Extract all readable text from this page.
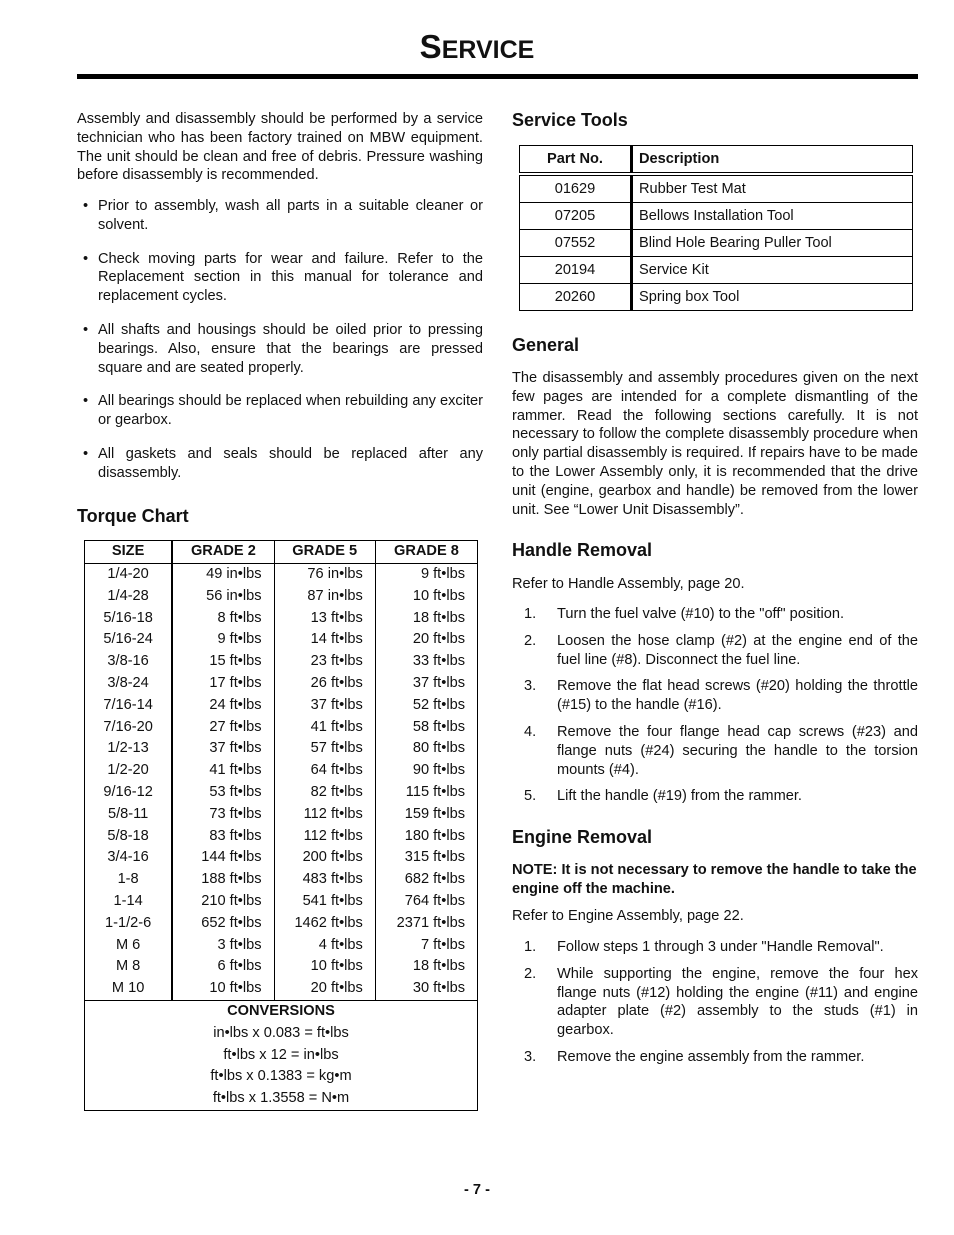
SERVICE

Assembly and disassembly should be performed by a service technician who has been factory trained on MBW equipment. The unit should be clean and free of debris. Pressure washing before disassembly is recommended.

• Prior to assembly, wash all parts in a suitable cleaner or solvent.
• Check moving parts for wear and failure. Refer to the Replacement section in this manual for tolerance and replacement cycles.
• All shafts and housings should be oiled prior to pressing bearings. Also, ensure that the bearings are pressed square and are seated properly.
• All bearings should be replaced when rebuilding any exciter or gearbox.
• All gaskets and seals should be replaced after any disassembly.
Torque Chart
SIZE	GRADE 2	GRADE 5	GRADE 8
1/4-20	49 in•lbs	76 in•lbs	9 ft•lbs
1/4-28	56 in•lbs	87 in•lbs	10 ft•lbs
5/16-18	8 ft•lbs	13 ft•lbs	18 ft•lbs
5/16-24	9 ft•lbs	14 ft•lbs	20 ft•lbs
3/8-16	15 ft•lbs	23 ft•lbs	33 ft•lbs
3/8-24	17 ft•lbs	26 ft•lbs	37 ft•lbs
7/16-14	24 ft•lbs	37 ft•lbs	52 ft•lbs
7/16-20	27 ft•lbs	41 ft•lbs	58 ft•lbs
1/2-13	37 ft•lbs	57 ft•lbs	80 ft•lbs
1/2-20	41 ft•lbs	64 ft•lbs	90 ft•lbs
9/16-12	53 ft•lbs	82 ft•lbs	115 ft•lbs
5/8-11	73 ft•lbs	112 ft•lbs	159 ft•lbs
5/8-18	83 ft•lbs	112 ft•lbs	180 ft•lbs
3/4-16	144 ft•lbs	200 ft•lbs	315 ft•lbs
1-8	188 ft•lbs	483 ft•lbs	682 ft•lbs
1-14	210 ft•lbs	541 ft•lbs	764 ft•lbs
1-1/2-6	652 ft•lbs	1462 ft•lbs	2371 ft•lbs
M 6	3 ft•lbs	4 ft•lbs	7 ft•lbs
M 8	6 ft•lbs	10 ft•lbs	18 ft•lbs
M 10	10 ft•lbs	20 ft•lbs	30 ft•lbs
CONVERSIONS			
in•lbs x 0.083 = ft•lbs			
ft•lbs x 12 = in•lbs			
ft•lbs x 0.1383 = kg•m			
ft•lbs x 1.3558 = N•m			
Service Tools
Part No.	Description
01629	Rubber Test Mat
07205	Bellows Installation Tool
07552	Blind Hole Bearing Puller Tool
20194	Service Kit
20260	Spring box Tool
General

The disassembly and assembly procedures given on the next few pages are intended for a complete dismantling of the rammer. Read the following sections carefully. It is not necessary to follow the complete disassembly procedure when only partial disassembly is required. If repairs have to be made to the Lower Assembly only, it is recommended that the drive unit (engine, gearbox and handle) be removed from the lower unit. See “Lower Unit Disassembly”.

Handle Removal

Refer to Handle Assembly, page 20.

1. Turn the fuel valve (#10) to the "off" position.
2. Loosen the hose clamp (#2) at the engine end of the fuel line (#8). Disconnect the fuel line.
3. Remove the flat head screws (#20) holding the throttle (#15) to the handle (#16).
4. Remove the four flange head cap screws (#23) and flange nuts (#24) securing the handle to the torsion mounts (#4).
5. Lift the handle (#19) from the rammer.
Engine Removal

NOTE: It is not necessary to remove the handle to take the engine off the machine.

Refer to Engine Assembly, page 22.

1. Follow steps 1 through 3 under "Handle Removal".
2. While supporting the engine, remove the four hex flange nuts (#12) holding the engine (#11) and engine adapter plate (#2) assembly to the studs (#1) in gearbox.
3. Remove the engine assembly from the rammer.
- 7 -
